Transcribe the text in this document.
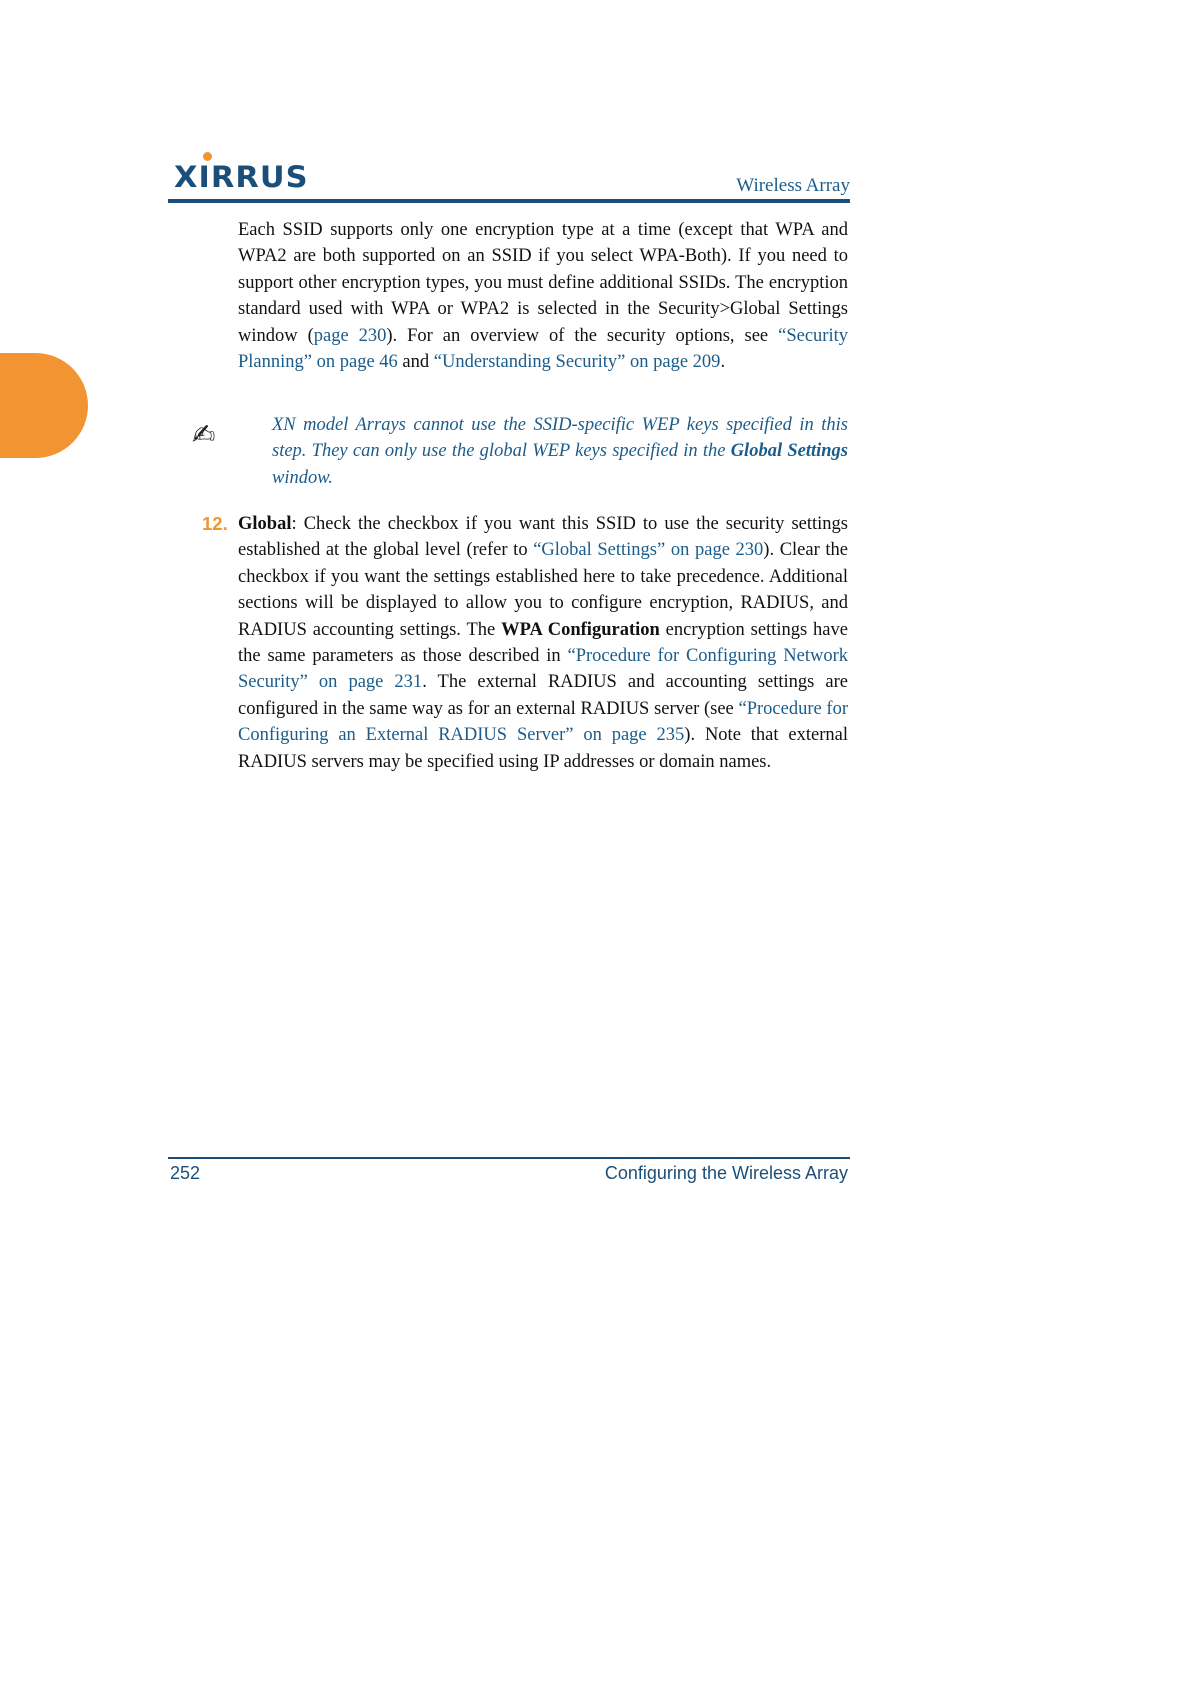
XIRRUS	Wireless Array
Each SSID supports only one encryption type at a time (except that WPA and WPA2 are both supported on an SSID if you select WPA-Both). If you need to support other encryption types, you must define additional SSIDs. The encryption standard used with WPA or WPA2 is selected in the Security>Global Settings window (page 230). For an overview of the security options, see “Security Planning” on page 46 and “Understanding Security” on page 209.
✍	XN model Arrays cannot use the SSID-specific WEP keys specified in this step. They can only use the global WEP keys specified in the Global Settings window.
12. Global: Check the checkbox if you want this SSID to use the security settings established at the global level (refer to “Global Settings” on page 230). Clear the checkbox if you want the settings established here to take precedence. Additional sections will be displayed to allow you to configure encryption, RADIUS, and RADIUS accounting settings. The WPA Configuration encryption settings have the same parameters as those described in “Procedure for Configuring Network Security” on page 231. The external RADIUS and accounting settings are configured in the same way as for an external RADIUS server (see “Procedure for Configuring an External RADIUS Server” on page 235). Note that external RADIUS servers may be specified using IP addresses or domain names.
252	Configuring the Wireless Array
